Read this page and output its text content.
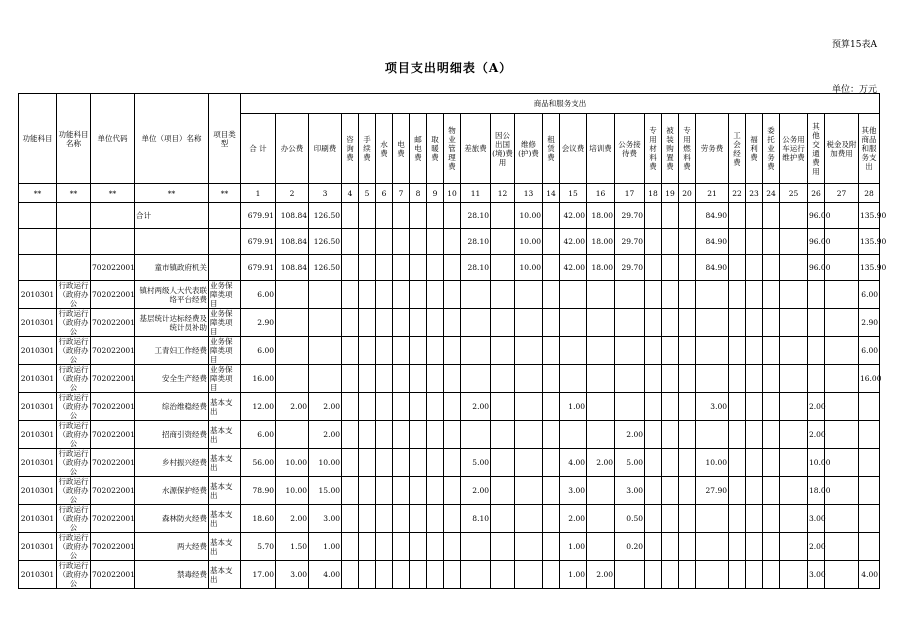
预算15表A
项目支出明细表（A）
单位：万元
功能科目	功能科目名称	单位代码	单位（项目）名称	项目类型	商品和服务支出																											
					合 计	办公费	印刷费	咨询费	手续费	水费	电费	邮电费	取暖费	物业管理费	差旅费	因公出国(境)费用	维修(护)费	租赁费	会议费	培训费	公务接待费	专用材料费	被装购置费	专用燃料费	劳务费	工会经费	福利费	委托业务费	公务用车运行维护费	其他交通费用	税金及附加费用	其他商品和服务支出
**	**	**	**	**	1	2	3	4	5	6	7	8	9	10	11	12	13	14	15	16	17	18	19	20	21	22	23	24	25	26	27	28

			合计		679.91	108.84	126.50								28.10		10.00		42.00	18.00	29.70				84.90					96.00		135.90

					679.91	108.84	126.50								28.10		10.00		42.00	18.00	29.70				84.90					96.00		135.90

		702022001	童市镇政府机关		679.91	108.84	126.50								28.10		10.00		42.00	18.00	29.70				84.90					96.00		135.90

2010301	行政运行（政府办公	702022001	镇村两级人大代表联络平台经费	业务保障类项目	6.00																											6.00

2010301	行政运行（政府办公	702022001	基层统计达标经费及统计员补助	业务保障类项目	2.90																											2.90

2010301	行政运行（政府办公	702022001	工青妇工作经费	业务保障类项目	6.00																											6.00

2010301	行政运行（政府办公	702022001	安全生产经费	业务保障类项目	16.00																											16.00

2010301	行政运行（政府办公	702022001	综治维稳经费	基本支出	12.00	2.00	2.00								2.00				1.00						3.00					2.00		

2010301	行政运行（政府办公	702022001	招商引资经费	基本支出	6.00		2.00														2.00									2.00		

2010301	行政运行（政府办公	702022001	乡村振兴经费	基本支出	56.00	10.00	10.00								5.00				4.00	2.00	5.00				10.00					10.00		

2010301	行政运行（政府办公	702022001	水源保护经费	基本支出	78.90	10.00	15.00								2.00				3.00		3.00				27.90					18.00		

2010301	行政运行（政府办公	702022001	森林防火经费	基本支出	18.60	2.00	3.00								8.10				2.00		0.50									3.00		

2010301	行政运行（政府办公	702022001	两大经费	基本支出	5.70	1.50	1.00												1.00		0.20									2.00		

2010301	行政运行（政府办公	702022001	禁毒经费	基本支出	17.00	3.00	4.00												1.00	2.00										3.00		4.00
